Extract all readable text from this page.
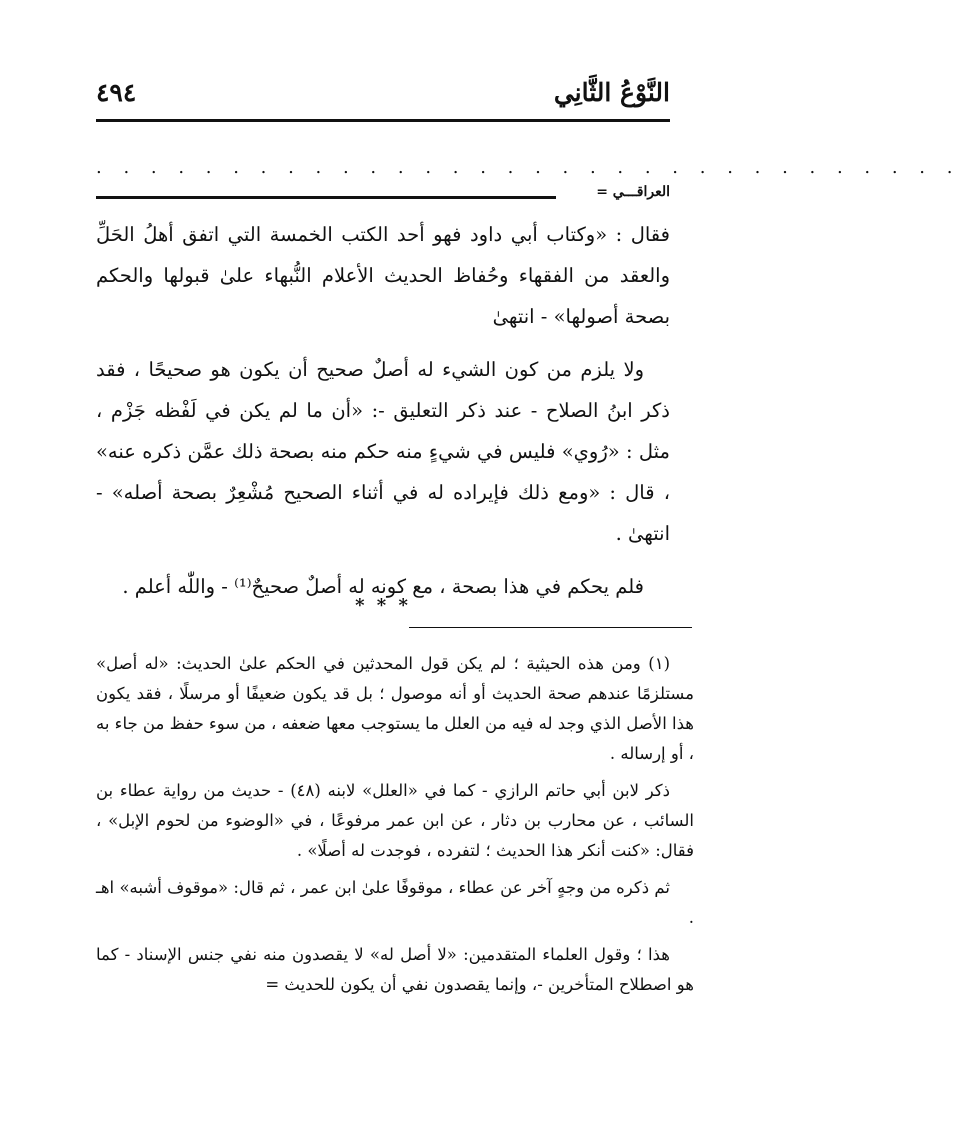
النَّوْعُ الثَّانِي
٤٩٤
. . . . . . . . . . . . . . . . . . . . . . . . . . . . . . . .
العراقـــي =

فقال : «وكتاب أبي داود فهو أحد الكتب الخمسة التي اتفق أهلُ الحَلِّ والعقد من الفقهاء وحُفاظ الحديث الأعلام النُّبهاء علىٰ قبولها والحكم بصحة أصولها» - انتهىٰ

ولا يلزم من كون الشيء له أصلٌ صحيح أن يكون هو صحيحًا ، فقد ذكر ابنُ الصلاح - عند ذكر التعليق -: «أن ما لم يكن في لَفْظه جَزْم ، مثل : «رُوي» فليس في شيءٍ منه حكم منه بصحة ذلك عمَّن ذكره عنه» ، قال : «ومع ذلك فإيراده له في أثناء الصحيح مُشْعِرٌ بصحة أصله» - انتهىٰ .

فلم يحكم في هذا بصحة ، مع كونه له أصلٌ صحيحٌ⁽¹⁾ - واللّٰه أعلم .

* * *

(١) ومن هذه الحيثية ؛ لم يكن قول المحدثين في الحكم علىٰ الحديث: «له أصل» مستلزمًا عندهم صحة الحديث أو أنه موصول ؛ بل قد يكون ضعيفًا أو مرسلًا ، فقد يكون هذا الأصل الذي وجد له فيه من العلل ما يستوجب معها ضعفه ، من سوء حفظ من جاء به ، أو إرساله .

ذكر لابن أبي حاتم الرازي - كما في «العلل» لابنه (٤٨) - حديث من رواية عطاء بن السائب ، عن محارب بن دثار ، عن ابن عمر مرفوعًا ، في «الوضوء من لحوم الإبل» ، فقال: «كنت أنكر هذا الحديث ؛ لتفرده ، فوجدت له أصلًا» .

ثم ذكره من وجهٍ آخر عن عطاء ، موقوفًا علىٰ ابن عمر ، ثم قال: «موقوف أشبه» اهـ .

هذا ؛ وقول العلماء المتقدمين: «لا أصل له» لا يقصدون منه نفي جنس الإسناد - كما هو اصطلاح المتأخرين -، وإنما يقصدون نفي أن يكون للحديث =
